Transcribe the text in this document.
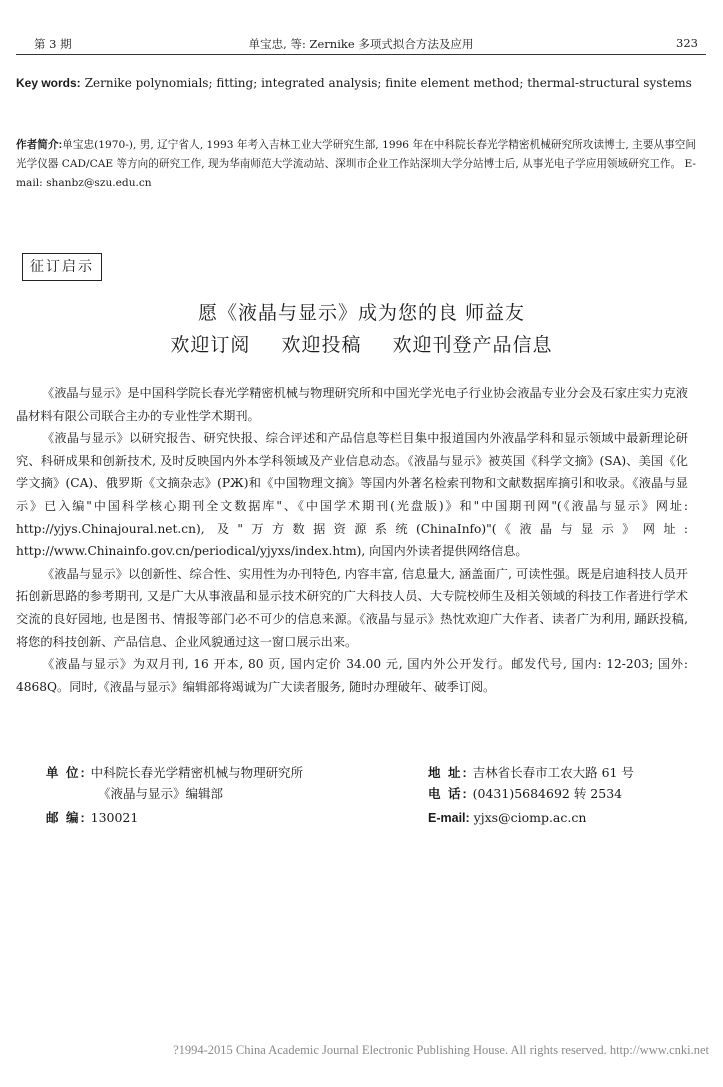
第 3 期	单宝忠, 等: Zernike 多项式拟合方法及应用	323
Key words: Zernike polynomials; fitting; integrated analysis; finite element method; thermal-structural systems
作者简介:单宝忠(1970-), 男, 辽宁省人, 1993 年考入吉林工业大学研究生部, 1996 年在中科院长春光学精密机械研究所攻读博士, 主要从事空间光学仪器 CAD/CAE 等方向的研究工作, 现为华南师范大学流动站、深圳市企业工作站深圳大学分站博士后, 从事光电子学应用领域研究工作。 E-mail: shanbz@szu.edu.cn
征订启示
愿《液晶与显示》成为您的良 师益友
欢迎订阅 欢迎投稿 欢迎刊登产品信息

《液晶与显示》是中国科学院长春光学精密机械与物理研究所和中国光学光电子行业协会液晶专业分会及石家庄实力克液晶材料有限公司联合主办的专业性学术期刊。

《液晶与显示》以研究报告、研究快报、综合评述和产品信息等栏目集中报道国内外液晶学科和显示领域中最新理论研究、科研成果和创新技术, 及时反映国内外本学科领域及产业信息动态。《液晶与显示》被英国《科学文摘》(SA)、美国《化学文摘》(CA)、俄罗斯《文摘杂志》(PЖ)和《中国物理文摘》等国内外著名检索刊物和文献数据库摘引和收录。《液晶与显示》已入编"中国科学核心期刊全文数据库"、《中国学术期刊(光盘版)》和"中国期刊网"(《液晶与显示》网址: http://yjys.Chinajoural.net.cn), 及"万方数据资源系统(ChinaInfo)"(《液晶与显示》网址: http://www.Chinainfo.gov.cn/periodical/yjyxs/index.htm), 向国内外读者提供网络信息。

《液晶与显示》以创新性、综合性、实用性为办刊特色, 内容丰富, 信息量大, 涵盖面广, 可读性强。既是启迪科技人员开拓创新思路的参考期刊, 又是广大从事液晶和显示技术研究的广大科技人员、大专院校师生及相关领域的科技工作者进行学术交流的良好园地, 也是图书、情报等部门必不可少的信息来源。《液晶与显示》热忱欢迎广大作者、读者广为利用, 踊跃投稿, 将您的科技创新、产品信息、企业风貌通过这一窗口展示出来。

《液晶与显示》为双月刊, 16 开本, 80 页, 国内定价 34.00 元, 国内外公开发行。邮发代号, 国内: 12-203; 国外: 4868Q。同时,《液晶与显示》编辑部将竭诚为广大读者服务, 随时办理破年、破季订阅。

单 位: 中科院长春光学精密机械与物理研究所
《液晶与显示》编辑部
邮 编: 130021
地 址: 吉林省长春市工农大路 61 号
电 话: (0431)5684692 转 2534
E-mail: yjxs@ciomp.ac.cn
?1994-2015 China Academic Journal Electronic Publishing House. All rights reserved. http://www.cnki.net
